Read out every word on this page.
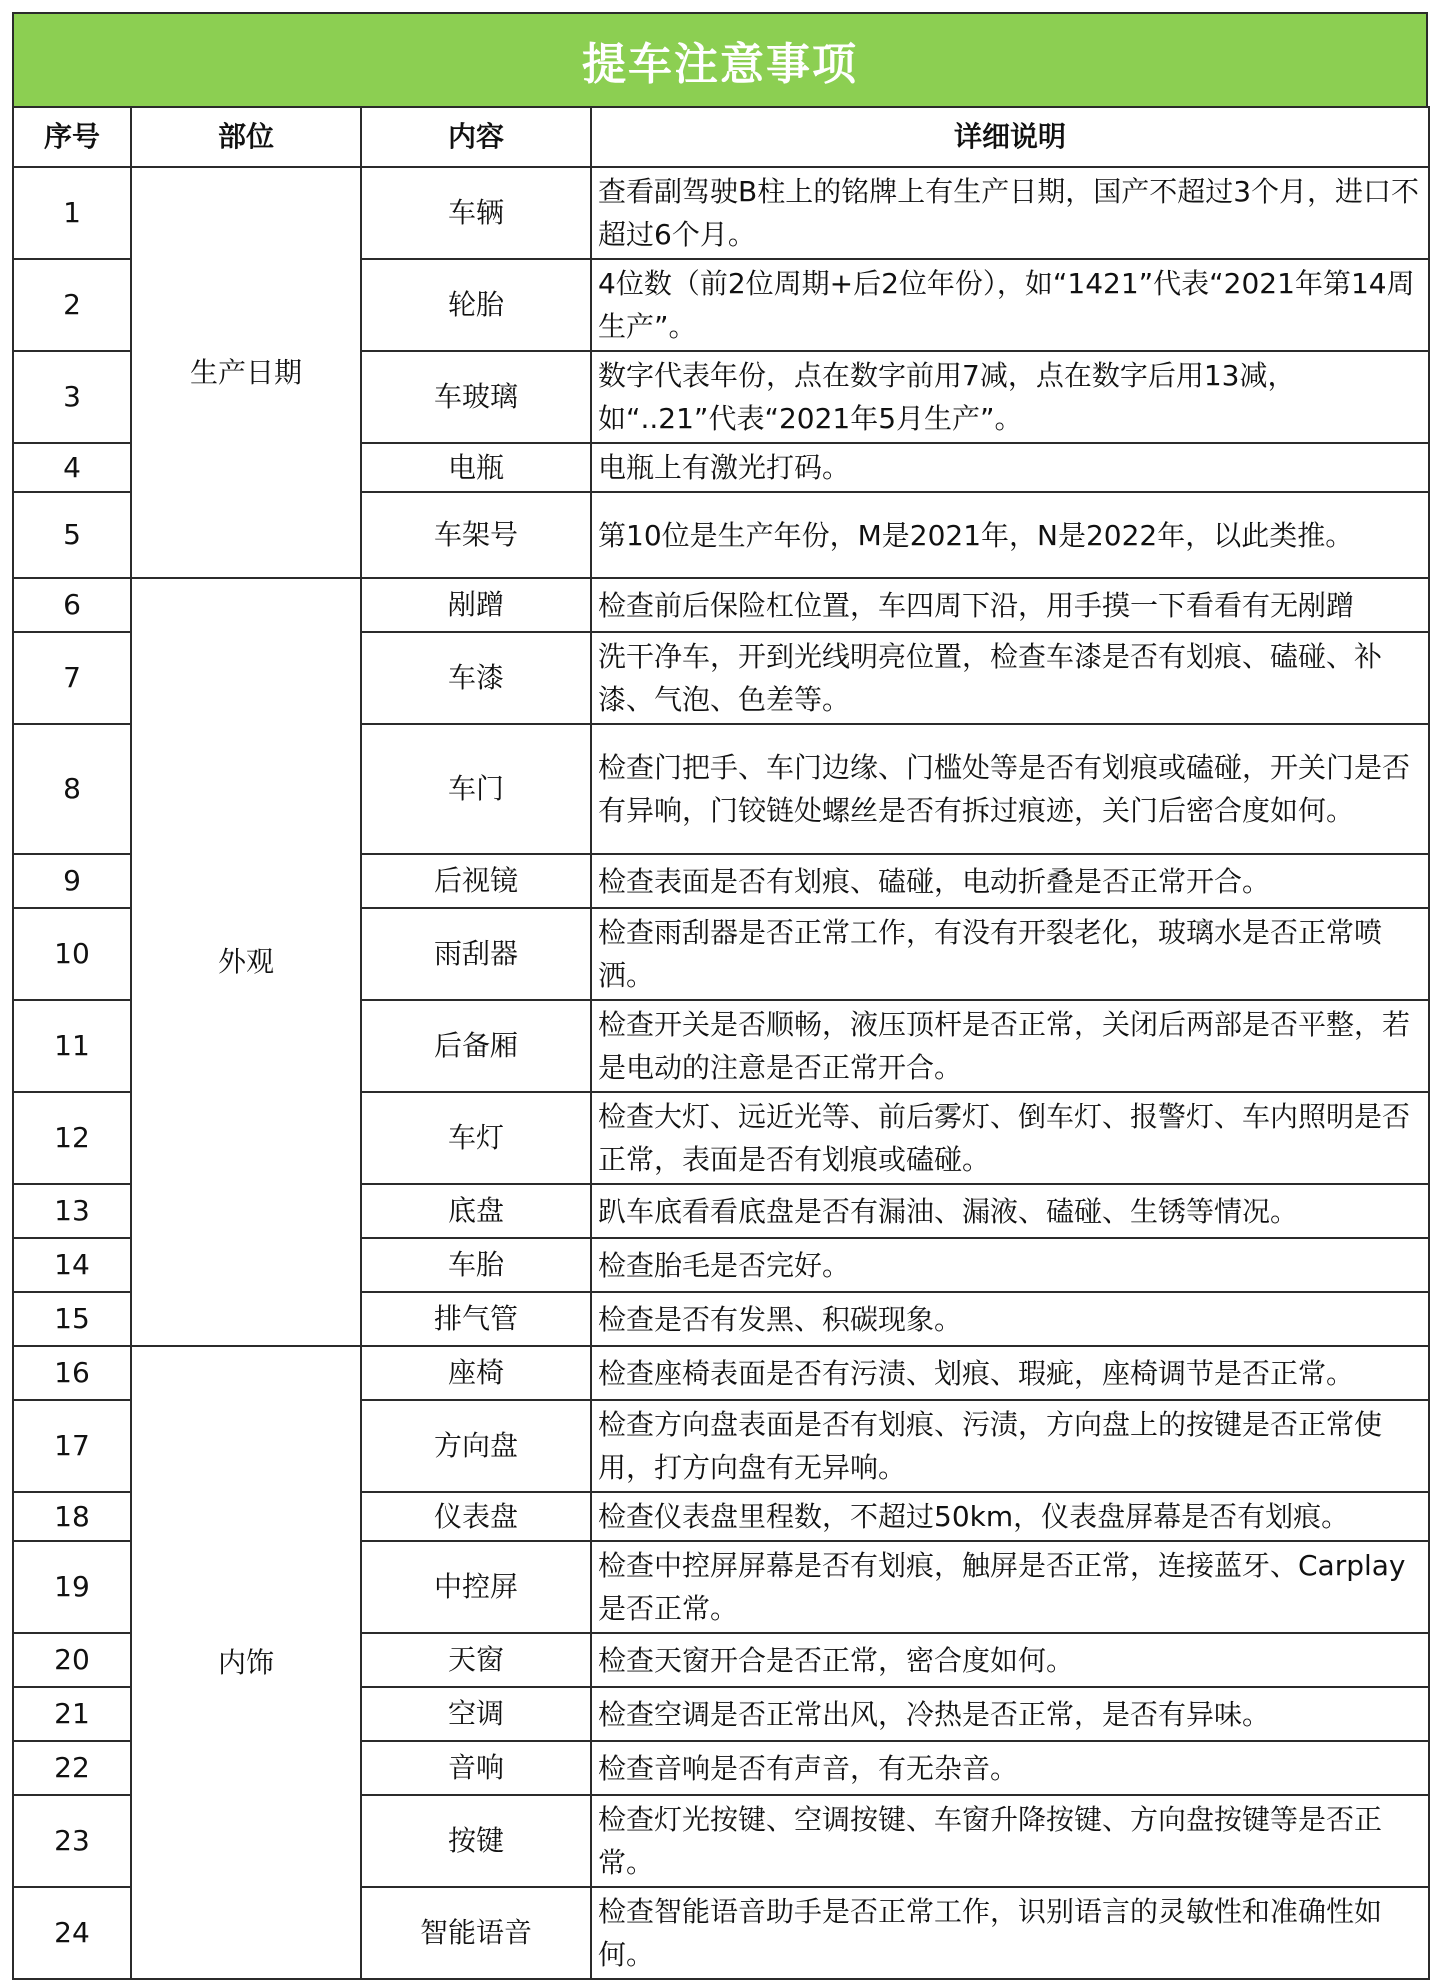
提车注意事项
序号	部位	内容	详细说明
1	生产日期	车辆	查看副驾驶B柱上的铭牌上有生产日期，国产不超过3个月，进口不超过6个月。
2		轮胎	4位数（前2位周期+后2位年份），如“1421”代表“2021年第14周生产”。
3		车玻璃	数字代表年份，点在数字前用7减，点在数字后用13减，如“..21”代表“2021年5月生产”。
4		电瓶	电瓶上有激光打码。
5		车架号	第10位是生产年份，M是2021年，N是2022年，以此类推。
6	外观	剐蹭	检查前后保险杠位置，车四周下沿，用手摸一下看看有无剐蹭
7		车漆	洗干净车，开到光线明亮位置，检查车漆是否有划痕、磕碰、补漆、气泡、色差等。
8		车门	检查门把手、车门边缘、门槛处等是否有划痕或磕碰，开关门是否有异响，门铰链处螺丝是否有拆过痕迹，关门后密合度如何。
9		后视镜	检查表面是否有划痕、磕碰，电动折叠是否正常开合。
10		雨刮器	检查雨刮器是否正常工作，有没有开裂老化，玻璃水是否正常喷洒。
11		后备厢	检查开关是否顺畅，液压顶杆是否正常，关闭后两部是否平整，若是电动的注意是否正常开合。
12		车灯	检查大灯、远近光等、前后雾灯、倒车灯、报警灯、车内照明是否正常，表面是否有划痕或磕碰。
13		底盘	趴车底看看底盘是否有漏油、漏液、磕碰、生锈等情况。
14		车胎	检查胎毛是否完好。
15		排气管	检查是否有发黑、积碳现象。
16	内饰	座椅	检查座椅表面是否有污渍、划痕、瑕疵，座椅调节是否正常。
17		方向盘	检查方向盘表面是否有划痕、污渍，方向盘上的按键是否正常使用，打方向盘有无异响。
18		仪表盘	检查仪表盘里程数，不超过50km，仪表盘屏幕是否有划痕。
19		中控屏	检查中控屏屏幕是否有划痕，触屏是否正常，连接蓝牙、Carplay是否正常。
20		天窗	检查天窗开合是否正常，密合度如何。
21		空调	检查空调是否正常出风，冷热是否正常，是否有异味。
22		音响	检查音响是否有声音，有无杂音。
23		按键	检查灯光按键、空调按键、车窗升降按键、方向盘按键等是否正常。
24		智能语音	检查智能语音助手是否正常工作，识别语言的灵敏性和准确性如何。
